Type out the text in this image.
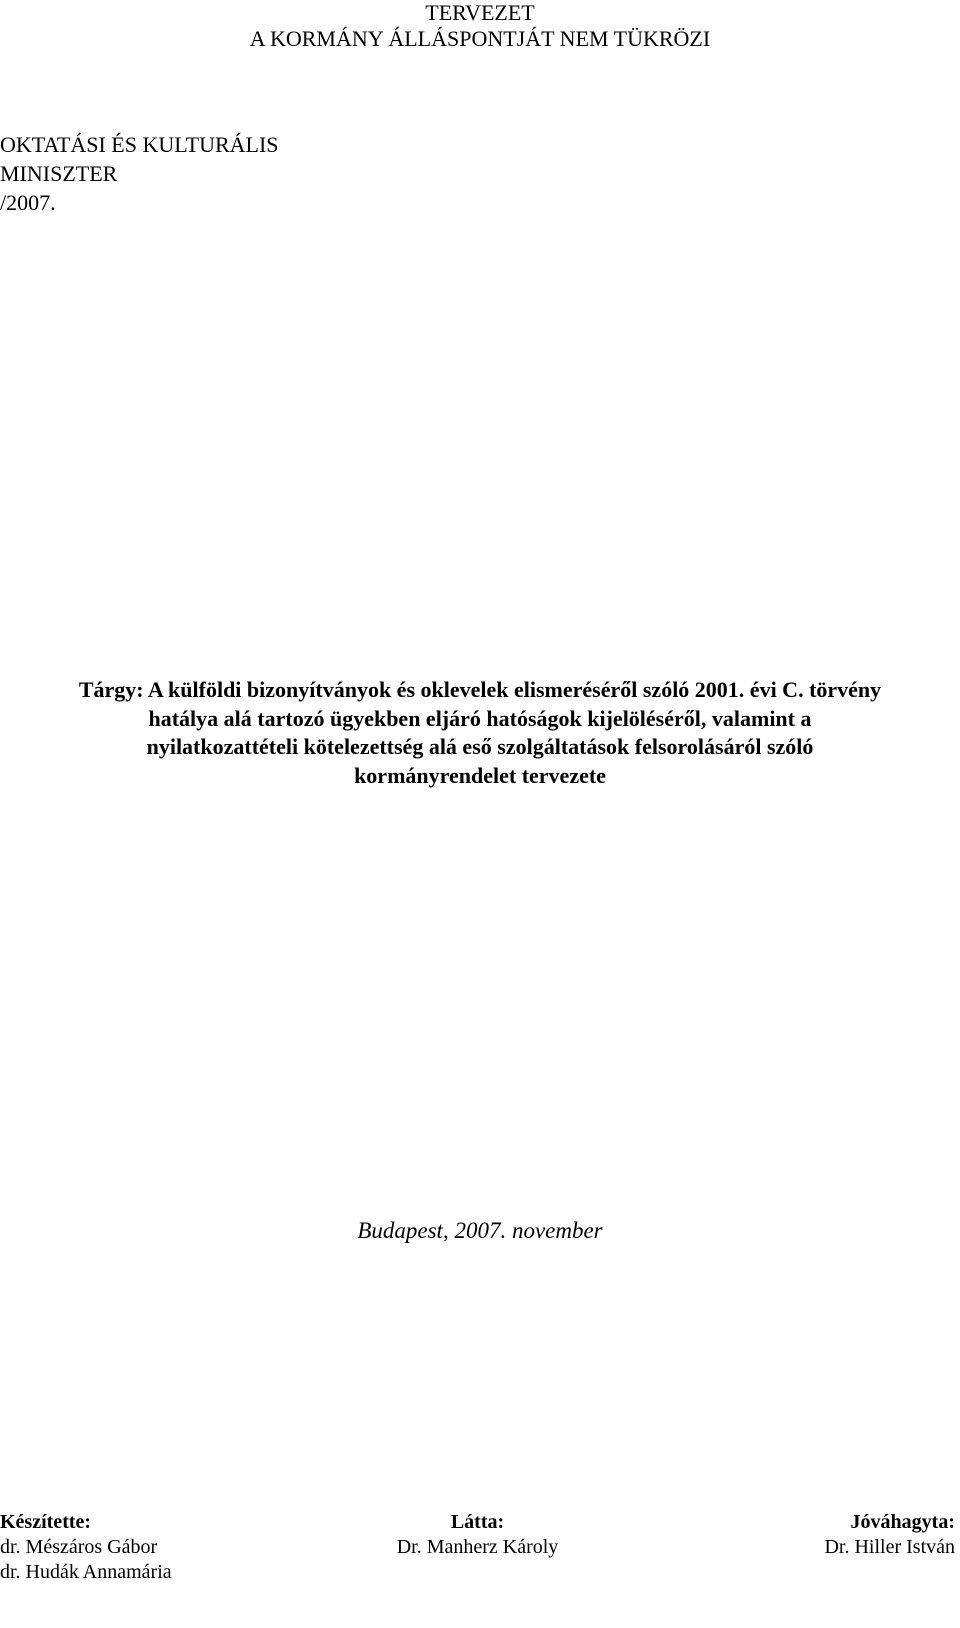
TERVEZET
A KORMÁNY ÁLLÁSPONTJÁT NEM TÜKRÖZI
OKTATÁSI ÉS KULTURÁLIS
MINISZTER
/2007.
Tárgy: A külföldi bizonyítványok és oklevelek elismeréséről szóló 2001. évi C. törvény
hatálya alá tartozó ügyekben eljáró hatóságok kijelöléséről, valamint a
nyilatkozattételi kötelezettség alá eső szolgáltatások felsorolásáról szóló
kormányrendelet tervezete
Budapest, 2007. november
Készítette:	Látta:	Jóváhagyta:
dr. Mészáros Gábor	Dr. Manherz Károly	Dr. Hiller István
dr. Hudák Annamária
